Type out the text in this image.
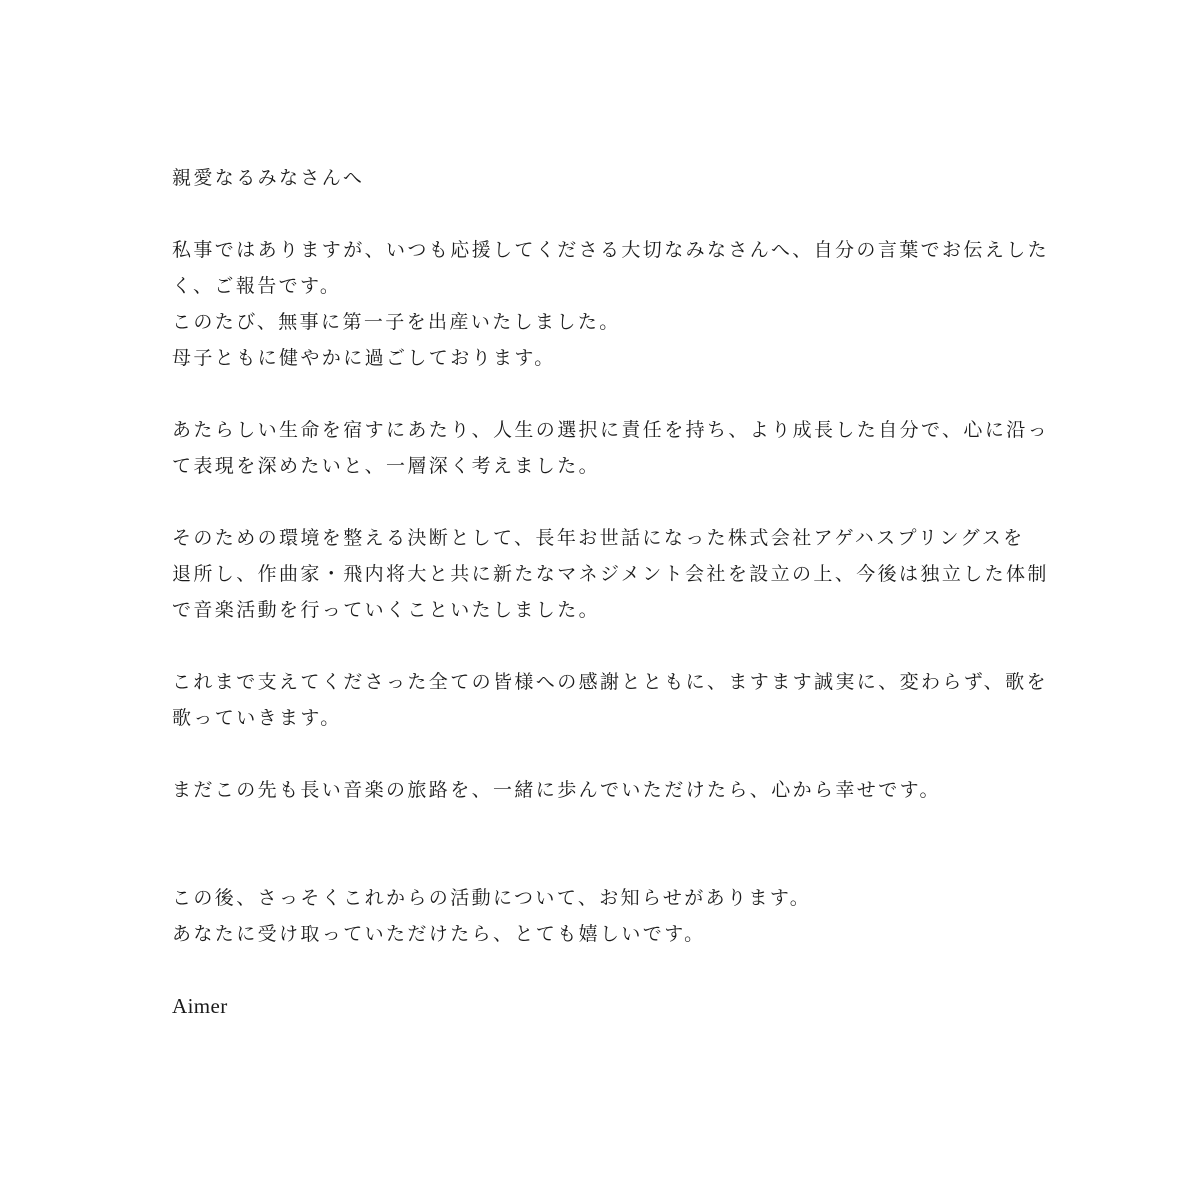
親愛なるみなさんへ
私事ではありますが、いつも応援してくださる大切なみなさんへ、自分の言葉でお伝えした
く、ご報告です。
このたび、無事に第一子を出産いたしました。
母子ともに健やかに過ごしております。
あたらしい生命を宿すにあたり、人生の選択に責任を持ち、より成長した自分で、心に沿っ
て表現を深めたいと、一層深く考えました。
そのための環境を整える決断として、長年お世話になった株式会社アゲハスプリングスを
退所し、作曲家・飛内将大と共に新たなマネジメント会社を設立の上、今後は独立した体制
で音楽活動を行っていくこといたしました。
これまで支えてくださった全ての皆様への感謝とともに、ますます誠実に、変わらず、歌を
歌っていきます。
まだこの先も長い音楽の旅路を、一緒に歩んでいただけたら、心から幸せです。
この後、さっそくこれからの活動について、お知らせがあります。
あなたに受け取っていただけたら、とても嬉しいです。
Aimer
